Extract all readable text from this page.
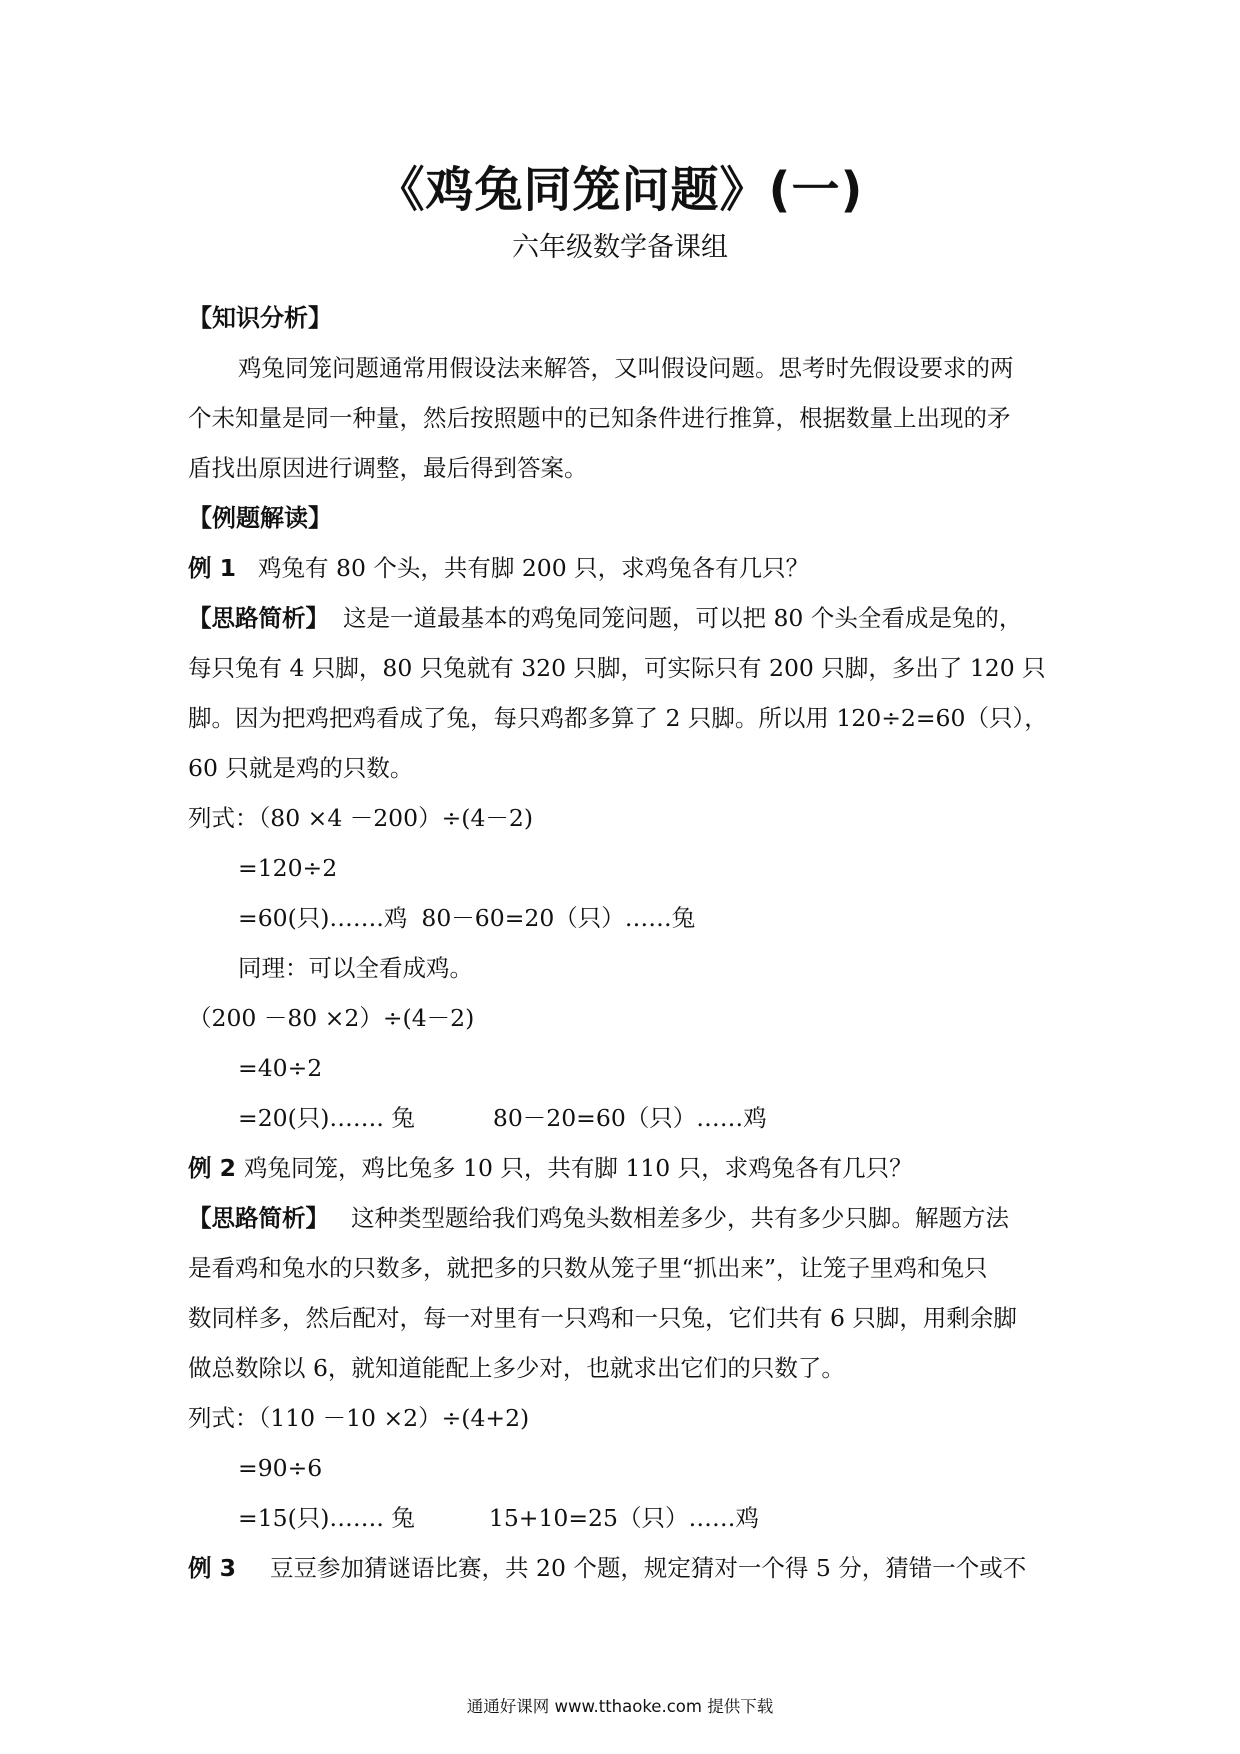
《鸡兔同笼问题》(一)
六年级数学备课组
【知识分析】
鸡兔同笼问题通常用假设法来解答，又叫假设问题。思考时先假设要求的两
个未知量是同一种量，然后按照题中的已知条件进行推算，根据数量上出现的矛
盾找出原因进行调整，最后得到答案。
【例题解读】
例 1 鸡兔有 80 个头，共有脚 200 只，求鸡兔各有几只？
【思路简析】 这是一道最基本的鸡兔同笼问题，可以把 80 个头全看成是兔的，
每只兔有 4 只脚，80 只兔就有 320 只脚，可实际只有 200 只脚，多出了 120 只
脚。因为把鸡把鸡看成了兔，每只鸡都多算了 2 只脚。所以用 120÷2=60（只），
60 只就是鸡的只数。
列式：（80 ×4 －200）÷(4－2)
=120÷2
=60(只)…….鸡 80－60=20（只）……兔
同理：可以全看成鸡。
（200 －80 ×2）÷(4－2)
=40÷2
=20(只)……. 兔	80－20=60（只）……鸡
例 2 鸡兔同笼，鸡比兔多 10 只，共有脚 110 只，求鸡兔各有几只？
【思路简析】 这种类型题给我们鸡兔头数相差多少，共有多少只脚。解题方法
是看鸡和兔水的只数多，就把多的只数从笼子里“抓出来”，让笼子里鸡和兔只
数同样多，然后配对，每一对里有一只鸡和一只兔，它们共有 6 只脚，用剩余脚
做总数除以 6，就知道能配上多少对，也就求出它们的只数了。
列式：（110 －10 ×2）÷(4+2)
=90÷6
=15(只)……. 兔	15+10=25（只）……鸡
例 3 豆豆参加猜谜语比赛，共 20 个题，规定猜对一个得 5 分，猜错一个或不
通通好课网 www.tthaoke.com 提供下载
